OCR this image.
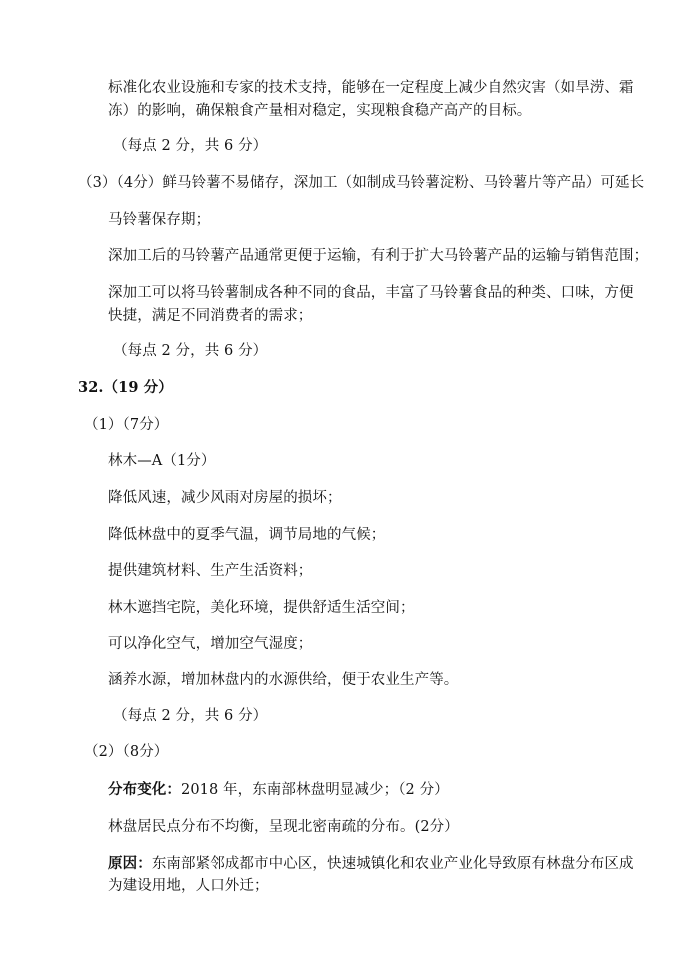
标准化农业设施和专家的技术支持，能够在一定程度上减少自然灾害（如旱涝、霜
冻）的影响，确保粮食产量相对稳定，实现粮食稳产高产的目标。
（每点 2 分，共 6 分）
（3）（4分）鲜马铃薯不易储存，深加工（如制成马铃薯淀粉、马铃薯片等产品）可延长
马铃薯保存期；
深加工后的马铃薯产品通常更便于运输，有利于扩大马铃薯产品的运输与销售范围；
深加工可以将马铃薯制成各种不同的食品，丰富了马铃薯食品的种类、口味，方便
快捷，满足不同消费者的需求；
（每点 2 分，共 6 分）
32.（19 分）
（1）（7分）
林木—A（1分）
降低风速，减少风雨对房屋的损坏；
降低林盘中的夏季气温，调节局地的气候；
提供建筑材料、生产生活资料；
林木遮挡宅院，美化环境，提供舒适生活空间；
可以净化空气，增加空气湿度；
涵养水源，增加林盘内的水源供给，便于农业生产等。
（每点 2 分，共 6 分）
（2）（8分）
分布变化：2018 年，东南部林盘明显减少；（2 分）
林盘居民点分布不均衡，呈现北密南疏的分布。(2分）
原因：东南部紧邻成都市中心区，快速城镇化和农业产业化导致原有林盘分布区成
为建设用地，人口外迁；
